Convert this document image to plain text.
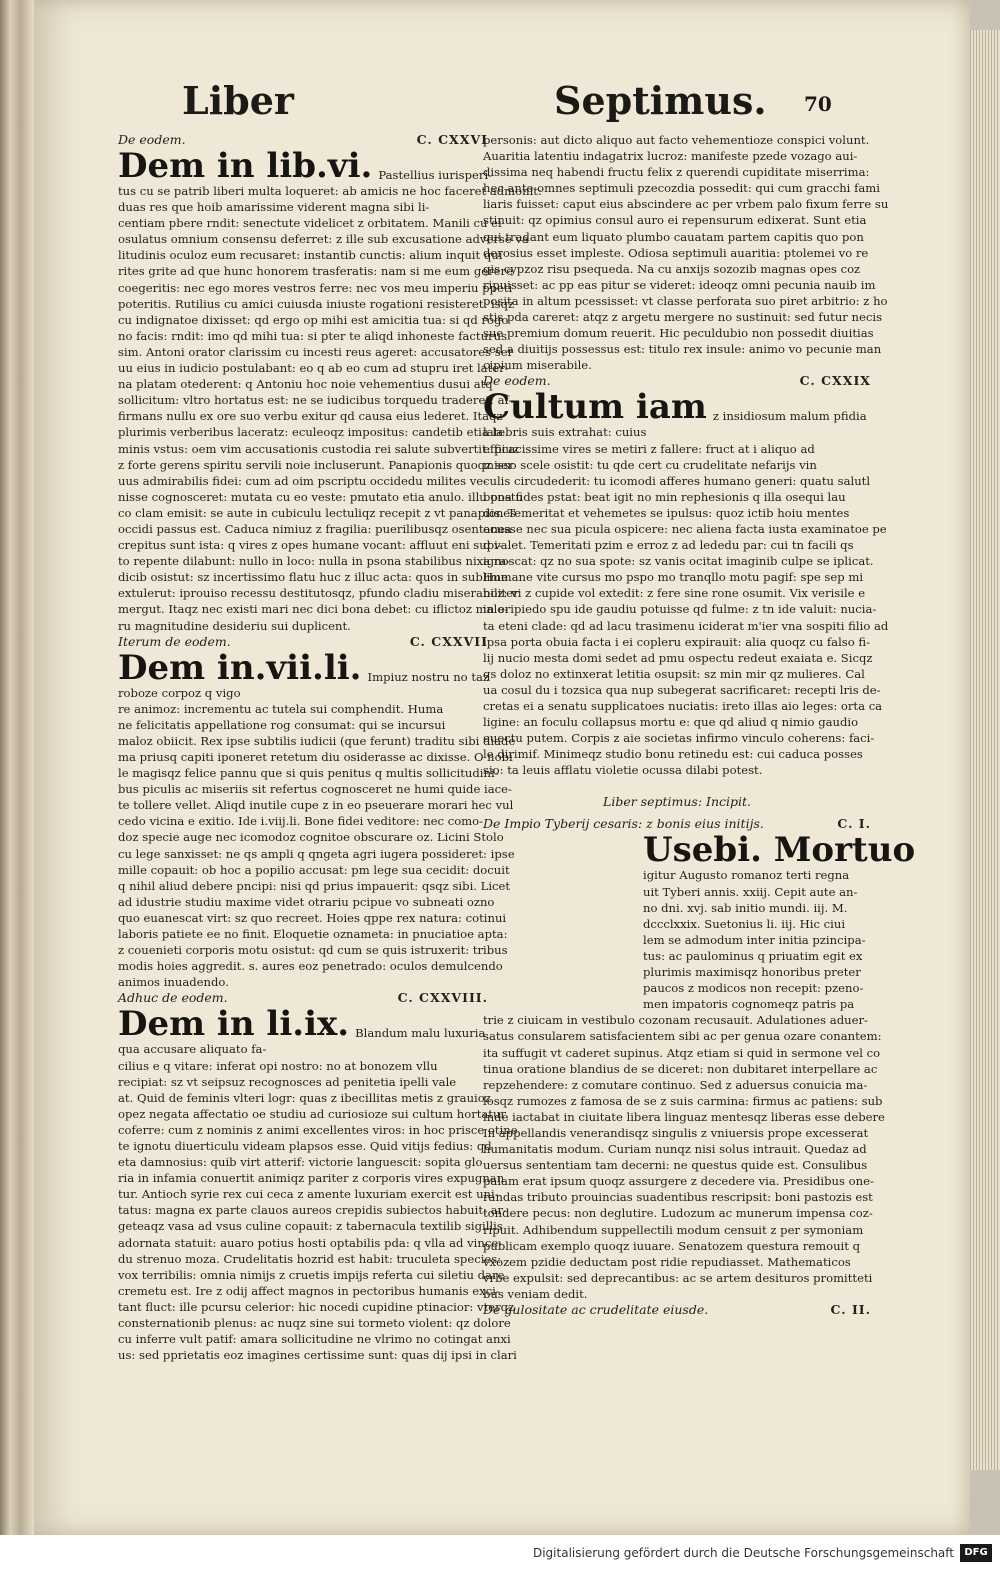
Liber	Septimus. 70
De eodem.	C. CXXVI
Dem in lib.vi. Pastellius iurisperi-
tus cu se patrib liberi multa loqueret: ab amicis ne hoc faceret admonit:
duas res que hoib amarissime viderent magna sibi li-
centiam pbere rndit: senectute videlicet z orbitatem. Manili cu ei
osulatus omnium consensu deferret: z ille sub excusatione adverse va
litudinis oculoz eum recusaret: instantib cunctis: alium inquit qui
rites grite ad que hunc honorem trasferatis: nam si me eum gerere
coegeritis: nec ego mores vestros ferre: nec vos meu imperiu ppeti
poteritis. Rutilius cu amici cuiusda iniuste rogationi resisteret: isqz
cu indignatoe dixisset: qd ergo op mihi est amicitia tua: si qd rogo
no facis: rndit: imo qd mihi tua: si pter te aliqd inhoneste facturus
sim. Antoni orator clarissim cu incesti reus ageret: accusatores ser
uu eius in iudicio postulabant: eo q ab eo cum ad stupru iret later-
na platam otederent: q Antoniu hoc noie vehementius dusui atq
sollicitum: vltro hortatus est: ne se iudicibus torquedu traderet: af-
firmans nullu ex ore suo verbu exitur qd causa eius lederet. Itaqz
plurimis verberibus laceratz: eculeoqz impositus: candetib etia la
minis vstus: oem vim accusationis custodia rei salute subvertit: piuz
z forte gerens spiritu servili noie incluserunt. Panapionis quoqz ser
uus admirabilis fidei: cum ad oim pscriptu occidedu milites ve-
nisse cognosceret: mutata cu eo veste: pmutato etia anulo. illu postu
co clam emisit: se aute in cubiculu lectuliqz recepit z vt panapiones
occidi passus est. Caduca nimiuz z fragilia: puerilibusqz osentanea
crepitus sunt ista: q vires z opes humane vocant: affluut eni subi-
to repente dilabunt: nullo in loco: nulla in psona stabilibus nixa ra-
dicib osistut: sz incertissimo flatu huc z illuc acta: quos in sublime
extulerut: iprouiso recessu destitutosqz, pfundo cladiu miserabiliter
mergut. Itaqz nec existi mari nec dici bona debet: cu iflictoz malo-
ru magnitudine desideriu sui duplicent.
Iterum de eodem.	C. CXXVII
Dem in.vii.li. Impiuz nostru no taz
roboze corpoz q vigo
re animoz: incrementu ac tutela sui comphendit. Huma
ne felicitatis appellatione rog consumat: qui se incursui
maloz obiicit. Rex ipse subtilis iudicii (que ferunt) traditu sibi diade
ma priusq capiti iponeret retetum diu osiderasse ac dixisse. O nobi
le magisqz felice pannu que si quis penitus q multis sollicitudini-
bus piculis ac miseriis sit refertus cognosceret ne humi quide iace-
te tollere vellet. Aliqd inutile cupe z in eo pseuerare morari hec vul
cedo vicina e exitio. Ide i.viij.li. Bone fidei veditore: nec como-
doz specie auge nec icomodoz cognitoe obscurare oz. Licini Stolo
cu lege sanxisset: ne qs ampli q qngeta agri iugera possideret: ipse
mille copauit: ob hoc a popilio accusat: pm lege sua cecidit: docuit
q nihil aliud debere pncipi: nisi qd prius impauerit: qsqz sibi. Licet
ad idustrie studiu maxime videt otrariu pcipue vo subneati ozno
quo euanescat virt: sz quo recreet. Hoies qppe rex natura: cotinui
laboris patiete ee no finit. Eloquetie oznameta: in pnuciatioe apta:
z couenieti corporis motu osistut: qd cum se quis istruxerit: tribus
modis hoies aggredit. s. aures eoz penetrado: oculos demulcendo
animos inuadendo.
Adhuc de eodem.	C. CXXVIII.
Dem in li.ix. Blandum malu luxuria
qua accusare aliquato fa-
cilius e q vitare: inferat opi nostro: no at bonozem vllu
recipiat: sz vt seipsuz recognosces ad penitetia ipelli vale
at. Quid de feminis vlteri logr: quas z ibecillitas metis z grauioz
opez negata affectatio oe studiu ad curiosioze sui cultum hortatur
coferre: cum z nominis z animi excellentes viros: in hoc prisce otine
te ignotu diuerticulu videam plapsos esse. Quid vitijs fedius: qd
eta damnosius: quib virt atterif: victorie languescit: sopita glo
ria in infamia conuertit animiqz pariter z corporis vires expugnan
tur. Antioch syrie rex cui ceca z amente luxuriam exercit est uni-
tatus: magna ex parte clauos aureos crepidis subiectos habuit: ar-
geteaqz vasa ad vsus culine copauit: z tabernacula textilib sigillis
adornata statuit: auaro potius hosti optabilis pda: q vlla ad vince-
du strenuo moza. Crudelitatis hozrid est habit: truculeta species:
vox terribilis: omnia nimijs z cruetis impijs referta cui siletiu dare
cremetu est. Ire z odij affect magnos in pectoribus humanis exci-
tant fluct: ille pcursu celerior: hic nocedi cupidine ptinacior: vterqz
consternationib plenus: ac nuqz sine sui tormeto violent: qz dolore
cu inferre vult patif: amara sollicitudine ne vlrimo no cotingat anxi
us: sed pprietatis eoz imagines certissime sunt: quas dij ipsi in clari
personis: aut dicto aliquo aut facto vehementioze conspici volunt.
Auaritia latentiu indagatrix lucroz: manifeste pzede vozago aui-
dissima neq habendi fructu felix z querendi cupiditate miserrima:
hec ante omnes septimuli pzecozdia possedit: qui cum gracchi fami
liaris fuisset: caput eius abscindere ac per vrbem palo fixum ferre su
stinuit: qz opimius consul auro ei repensurum edixerat. Sunt etia
qui tradant eum liquato plumbo cauatam partem capitis quo pon
derosius esset impleste. Odiosa septimuli auaritia: ptolemei vo re
gis cypzoz risu psequeda. Na cu anxijs sozozib magnas opes coz
ripuisset: ac pp eas pitur se videret: ideoqz omni pecunia nauib im
posita in altum pcessisset: vt classe perforata suo piret arbitrio: z ho
stis pda careret: atqz z argetu mergere no sustinuit: sed futur necis
sue premium domum reuerit. Hic peculdubio non possedit diuitias
sed a diuitijs possessus est: titulo rex insule: animo vo pecunie man
cipium miserabile.
De eodem.	C. CXXIX
Cultum iam z insidiosum malum pfidia
latebris suis extrahat: cuius
efficacissime vires se metiri z fallere: fruct at i aliquo ad
misso scele osistit: tu qde cert cu crudelitate nefarijs vin
culis circudederit: tu icomodi afferes humano generi: quatu salutl
bona fides pstat: beat igit no min rephesionis q illa osequi lau
dis. Temeritat et vehemetes se ipulsus: quoz ictib hoiu mentes
ocusse nec sua picula ospicere: nec aliena facta iusta examinatoe pe
q valet. Temeritati pzim e erroz z ad lededu par: cui tn facili qs
ignoscat: qz no sua spote: sz vanis ocitat imaginib culpe se iplicat.
Humane vite cursus mo pspo mo tranqllo motu pagif: spe sep mi
noz: vi z cupide vol extedit: z fere sine rone osumit. Vix verisile e
in eripiedo spu ide gaudiu potuisse qd fulme: z tn ide valuit: nucia-
ta eteni clade: qd ad lacu trasimenu iciderat m'ier vna sospiti filio ad
ipsa porta obuia facta i ei copleru expirauit: alia quoqz cu falso fi-
lij nucio mesta domi sedet ad pmu ospectu redeut exaiata e. Sicqz
qs doloz no extinxerat letitia osupsit: sz min mir qz mulieres. Cal
ua cosul du i tozsica qua nup subegerat sacrificaret: recepti lris de-
cretas ei a senatu supplicatoes nuciatis: ireto illas aio leges: orta ca
ligine: an foculu collapsus mortu e: que qd aliud q nimio gaudio
euectu putem. Corpis z aie societas infirmo vinculo coherens: faci-
le dirimif. Minimeqz studio bonu retinedu est: cui caduca posses
sio: ta leuis afflatu violetie ocussa dilabi potest.
Liber septimus: Incipit.
De Impio Tyberij cesaris: z bonis eius initijs.	C. I.
Usebi. Mortuo
igitur Augusto romanoz terti regna
uit Tyberi annis. xxiij. Cepit aute an-
no dni. xvj. sab initio mundi. iij. M.
dccclxxix. Suetonius li. iij. Hic ciui
lem se admodum inter initia pzincipa-
tus: ac paulominus q priuatim egit ex
plurimis maximisqz honoribus preter
paucos z modicos non recepit: pzeno-
men impatoris cognomeqz patris pa
trie z ciuicam in vestibulo cozonam recusauit. Adulationes aduer-
satus consularem satisfacientem sibi ac per genua ozare conantem:
ita suffugit vt caderet supinus. Atqz etiam si quid in sermone vel co
tinua oratione blandius de se diceret: non dubitaret interpellare ac
repzehendere: z comutare continuo. Sed z aduersus conuicia ma-
losqz rumozes z famosa de se z suis carmina: firmus ac patiens: sub
inde iactabat in ciuitate libera linguaz mentesqz liberas esse debere
In appellandis venerandisqz singulis z vniuersis prope excesserat
humanitatis modum. Curiam nunqz nisi solus intrauit. Quedaz ad
uersus sententiam tam decerni: ne questus quide est. Consulibus
palam erat ipsum quoqz assurgere z decedere via. Presidibus one-
randas tributo prouincias suadentibus rescripsit: boni pastozis est
tondere pecus: non deglutire. Ludozum ac munerum impensa coz-
ripuit. Adhibendum suppellectili modum censuit z per symoniam
publicam exemplo quoqz iuuare. Senatozem questura remouit q
vxozem pzidie deductam post ridie repudiasset. Mathematicos
vrbe expulsit: sed deprecantibus: ac se artem desituros promitteti
bus veniam dedit.
De gulositate ac crudelitate eiusde.	C. II.
Digitalisierung gefördert durch die Deutsche Forschungsgemeinschaft	DFG
